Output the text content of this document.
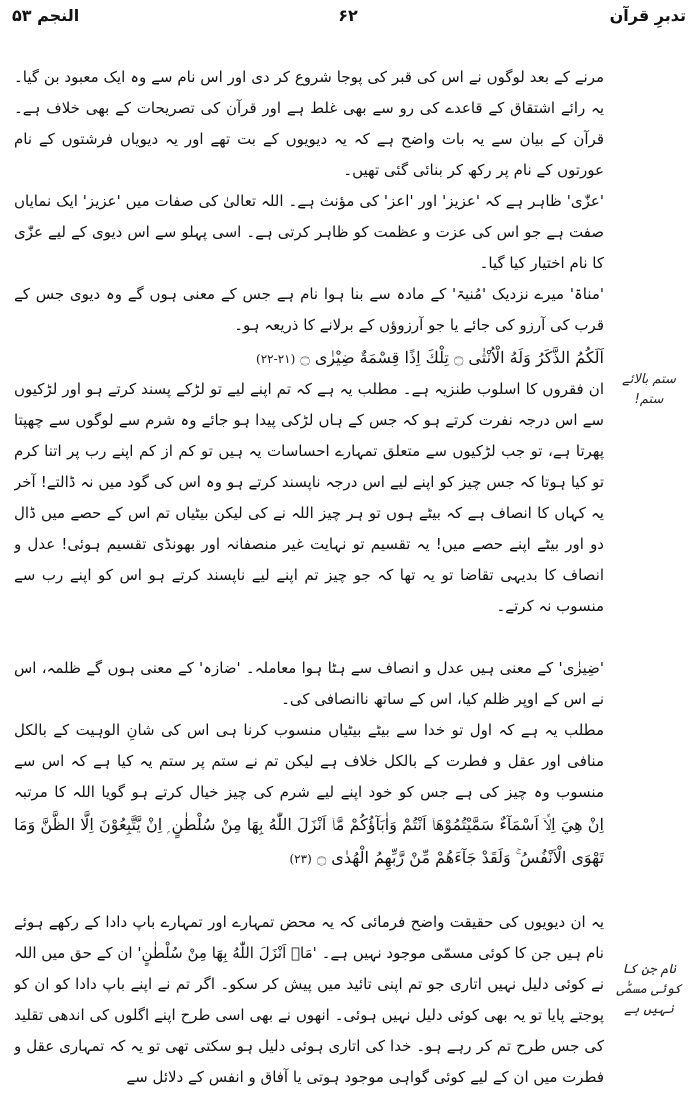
تدبرِ قرآن
۶۲
النجم ۵۳
ستم بالائے ستم!
نام جن کا کوئی مسمّٰی نہیں ہے
مرنے کے بعد لوگوں نے اس کی قبر کی پوجا شروع کر دی اور اس نام سے وہ ایک معبود بن گیا۔ یہ رائے اشتقاق کے قاعدے کی رو سے بھی غلط ہے اور قرآن کی تصریحات کے بھی خلاف ہے۔ قرآن کے بیان سے یہ بات واضح ہے کہ یہ دیویوں کے بت تھے اور یہ دیویاں فرشتوں کے نام عورتوں کے نام پر رکھ کر بنائی گئی تھیں۔
'عزّٰی' ظاہر ہے کہ 'عزیز' اور 'اعز' کی مؤنث ہے۔ اللہ تعالیٰ کی صفات میں 'عزیز' ایک نمایاں صفت ہے جو اس کی عزت و عظمت کو ظاہر کرتی ہے۔ اسی پہلو سے اس دیوی کے لیے عزّٰی کا نام اختیار کیا گیا۔
'مناۃ' میرے نزدیک 'مُنیۃ' کے مادہ سے بنا ہوا نام ہے جس کے معنی ہوں گے وہ دیوی جس کے قرب کی آرزو کی جائے یا جو آرزوؤں کے برلانے کا ذریعہ ہو۔
اَلَكُمُ الذَّكَرُ وَلَهُ الْاُنْثٰى ۝ تِلْكَ اِذًا قِسْمَةٌ ضِيْزٰى ۝ (۲۱-۲۲)
ان فقروں کا اسلوب طنزیہ ہے۔ مطلب یہ ہے کہ تم اپنے لیے تو لڑکے پسند کرتے ہو اور لڑکیوں سے اس درجہ نفرت کرتے ہو کہ جس کے ہاں لڑکی پیدا ہو جائے وہ شرم سے لوگوں سے چھپتا پھرتا ہے، تو جب لڑکیوں سے متعلق تمہارے احساسات یہ ہیں تو کم از کم اپنے رب پر اتنا کرم تو کیا ہوتا کہ جس چیز کو اپنے لیے اس درجہ ناپسند کرتے ہو وہ اس کی گود میں نہ ڈالتے! آخر یہ کہاں کا انصاف ہے کہ بیٹے ہوں تو ہر چیز اللہ نے کی لیکن بیٹیاں تم اس کے حصے میں ڈال دو اور بیٹے اپنے حصے میں! یہ تقسیم تو نہایت غیر منصفانہ اور بھونڈی تقسیم ہوئی! عدل و انصاف کا بدیہی تقاضا تو یہ تھا کہ جو چیز تم اپنے لیے ناپسند کرتے ہو اس کو اپنے رب سے منسوب نہ کرتے۔
'ضِیزٰی' کے معنی ہیں عدل و انصاف سے ہٹا ہوا معاملہ۔ 'ضازہ' کے معنی ہوں گے ظلمہ، اس نے اس کے اوپر ظلم کیا، اس کے ساتھ ناانصافی کی۔
مطلب یہ ہے کہ اول تو خدا سے بیٹے بیٹیاں منسوب کرنا ہی اس کی شانِ الوہیت کے بالکل منافی اور عقل و فطرت کے بالکل خلاف ہے لیکن تم نے ستم پر ستم یہ کیا ہے کہ اس سے منسوب وہ چیز کی ہے جس کو خود اپنے لیے شرم کی چیز خیال کرتے ہو گویا اللہ کا مرتبہ
اِنْ هِيَ اِلَّاۤ اَسْمَآءٌ سَمَّيْتُمُوْهَاۤ اَنْتُمْ وَاٰبَآؤُكُمْ مَّاۤ اَنْزَلَ اللّٰهُ بِهَا مِنْ سُلْطٰنٍ ۭ اِنْ يَّتَّبِعُوْنَ اِلَّا الظَّنَّ وَمَا تَهْوَى الْاَنْفُسُ ۚ وَلَقَدْ جَآءَهُمْ مِّنْ رَّبِّهِمُ الْهُدٰى ۝ (۲۳)
یہ ان دیویوں کی حقیقت واضح فرمائی کہ یہ محض تمہارے اور تمہارے باپ دادا کے رکھے ہوئے نام ہیں جن کا کوئی مسمّی موجود نہیں ہے۔ 'مَاۤ اَنْزَلَ اللّٰهُ بِهَا مِنْ سُلْطٰنٍ' ان کے حق میں اللہ نے کوئی دلیل نہیں اتاری جو تم اپنی تائید میں پیش کر سکو۔ اگر تم نے اپنے باپ دادا کو ان کو پوجتے پایا تو یہ بھی کوئی دلیل نہیں ہوئی۔ انھوں نے بھی اسی طرح اپنے اگلوں کی اندھی تقلید کی جس طرح تم کر رہے ہو۔ خدا کی اتاری ہوئی دلیل ہو سکتی تھی تو یہ کہ تمہاری عقل و فطرت میں ان کے لیے کوئی گواہی موجود ہوتی یا آفاق و انفس کے دلائل سے
